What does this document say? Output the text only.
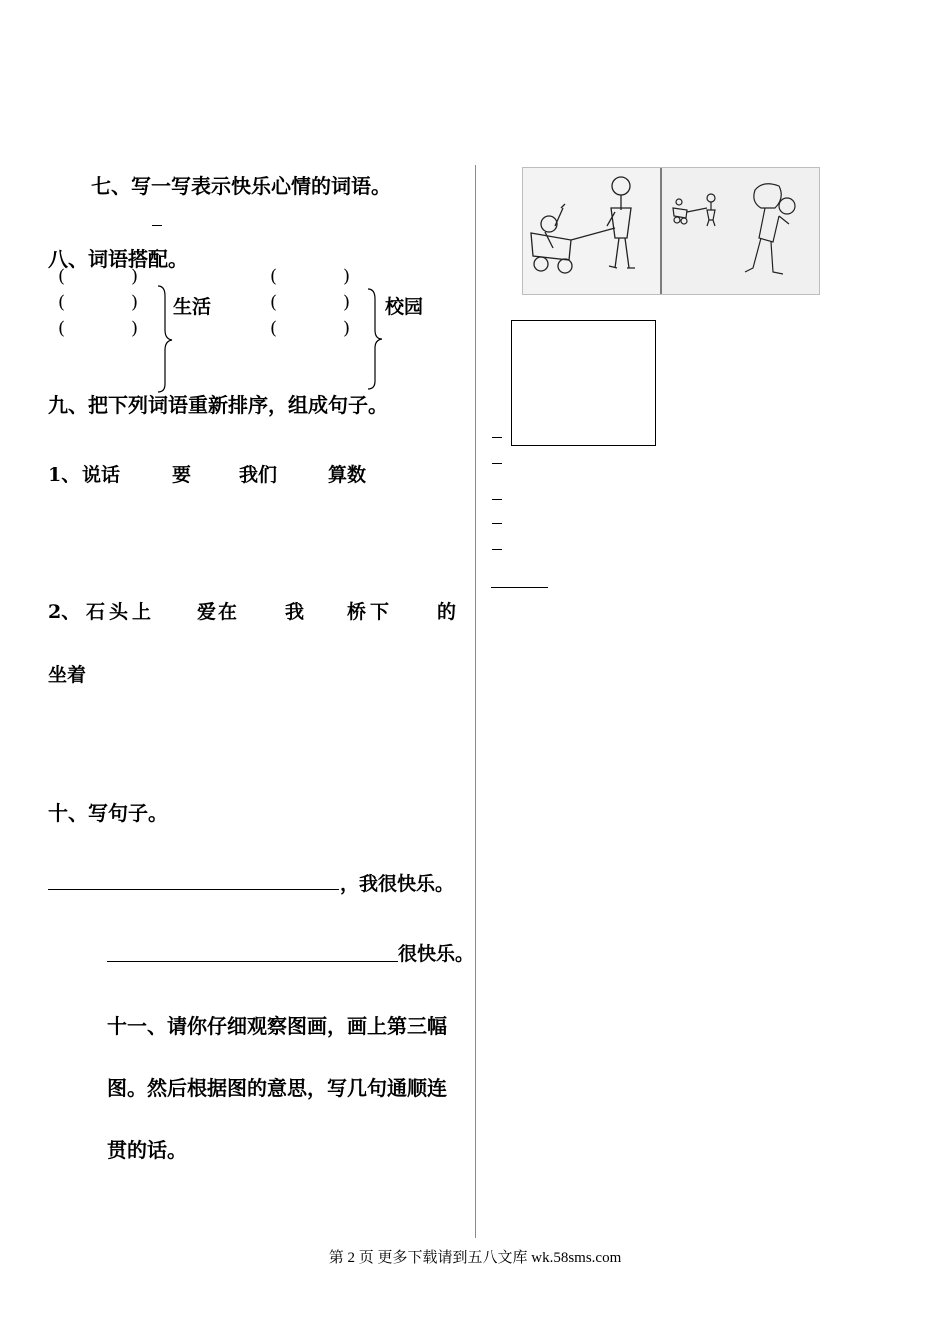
七、写一写表示快乐心情的词语。
八、词语搭配。
(	)
(	)
(	)
生活
(	)
(	)
(	)
校园
九、把下列词语重新排序，组成句子。
1、 说话	要	我们	算数
2、 石头上 爱在 我 桥下 的
坐着
十、写句子。
，我很快乐。
很快乐。
十一、请你仔细观察图画，画上第三幅
图。然后根据图的意思，写几句通顺连
贯的话。
第 2 页 更多下载请到五八文库 wk.58sms.com
